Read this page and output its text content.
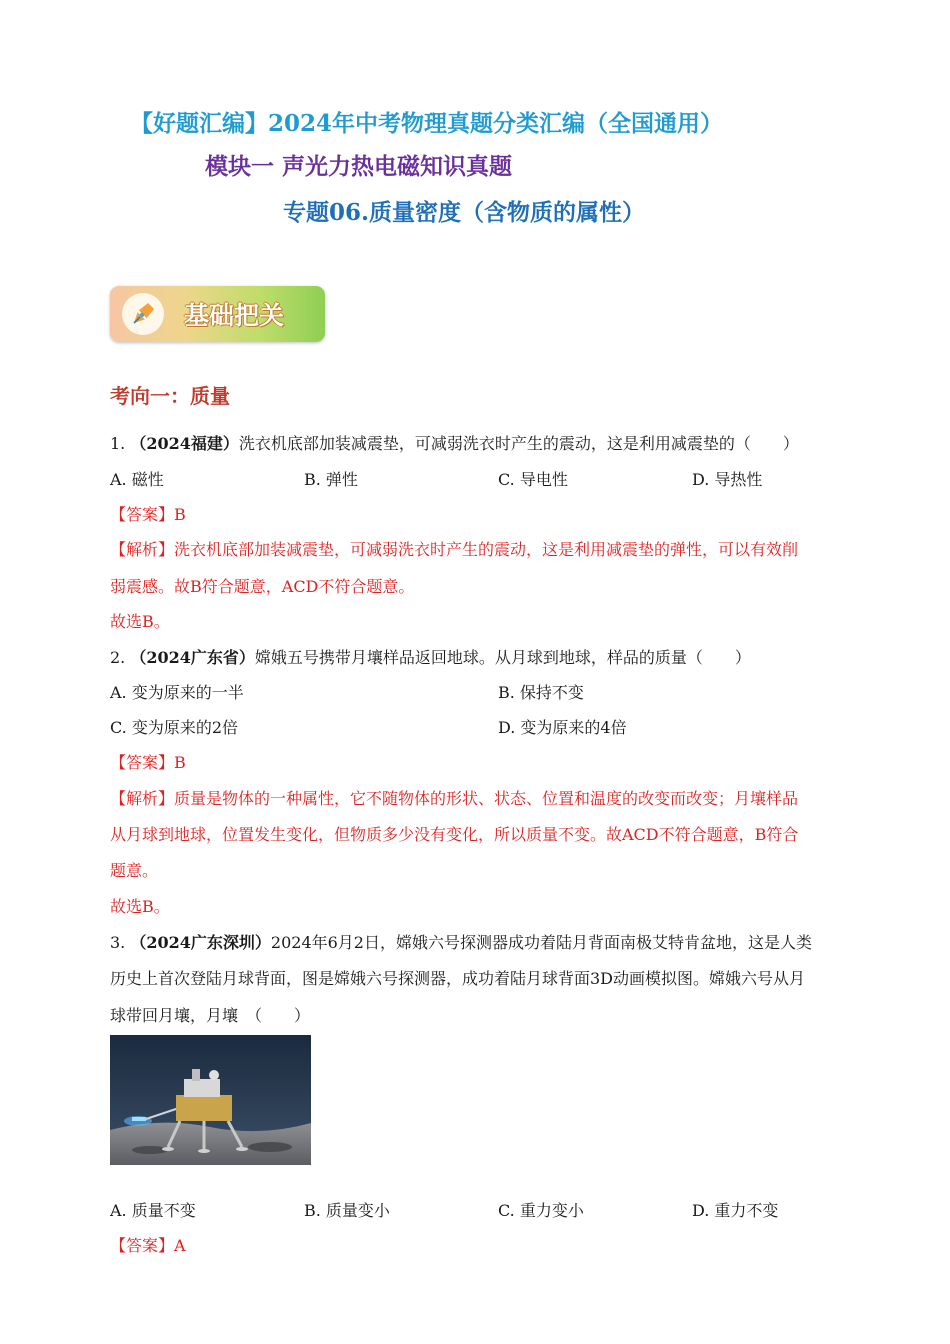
【好题汇编】2024年中考物理真题分类汇编（全国通用）
模块一 声光力热电磁知识真题
专题06.质量密度（含物质的属性）
基础把关
考向一：质量
1. （2024福建）洗衣机底部加装减震垫，可减弱洗衣时产生的震动，这是利用减震垫的（　　）
A. 磁性	B. 弹性	C. 导电性	D. 导热性
【答案】B
【解析】洗衣机底部加装减震垫，可减弱洗衣时产生的震动，这是利用减震垫的弹性，可以有效削
弱震感。故B符合题意，ACD不符合题意。
故选B。
2. （2024广东省）嫦娥五号携带月壤样品返回地球。从月球到地球，样品的质量（　　）
A. 变为原来的一半	B. 保持不变
C. 变为原来的2倍	D. 变为原来的4倍
【答案】B
【解析】质量是物体的一种属性，它不随物体的形状、状态、位置和温度的改变而改变；月壤样品
从月球到地球，位置发生变化，但物质多少没有变化，所以质量不变。故ACD不符合题意，B符合
题意。
故选B。
3. （2024广东深圳）2024年6月2日，嫦娥六号探测器成功着陆月背面南极艾特肯盆地，这是人类
历史上首次登陆月球背面，图是嫦娥六号探测器，成功着陆月球背面3D动画模拟图。嫦娥六号从月
球带回月壤，月壤　（　　）
A. 质量不变	B. 质量变小	C. 重力变小	D. 重力不变
【答案】A
